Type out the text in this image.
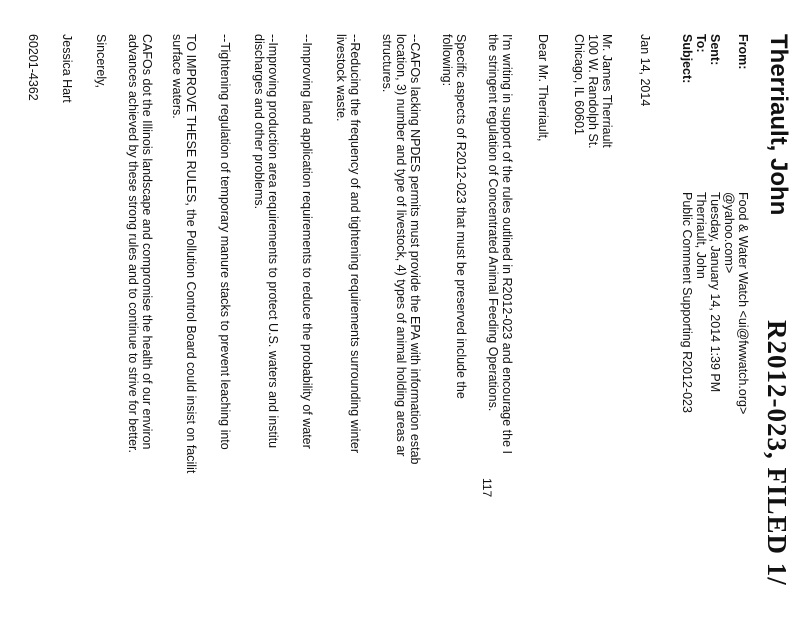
R2012-023, FILED 1/
Therriault, John
From:
Food & Water Watch <ui@fwwatch.org>
@yahoo.com>
Sent:
Tuesday, January 14, 2014 1:39 PM
To:
Therriault, John
Subject:
Public Comment Supporting R2012-023
Jan 14, 2014
Mr. James Therriault
100 W. Randolph St.
Chicago, IL 60601
Dear Mr. Therriault,
I'm writing in support of the rules outlined in R2012-023 and encourage the I
the stringent regulation of Concentrated Animal Feeding Operations.
Specific aspects of R2012-023 that must be preserved include the
following:
--CAFOs lacking NPDES permits must provide the EPA with information estab
location, 3) number and type of livestock, 4) types of animal holding areas ar
structures.
--Reducing the frequency of and tightening requirements surrounding winter
livestock waste.
--Improving land application requirements to reduce the probability of water
--Improving production area requirements to protect U.S. waters and institu
discharges and other problems.
--Tightening regulation of temporary manure stacks to prevent leaching into
TO IMPROVE THESE RULES, the Pollution Control Board could insist on facilit
surface waters.
CAFOs dot the Illinois landscape and compromise the health of our environ
advances achieved by these strong rules and to continue to strive for better.
Sincerely,
Jessica Hart
60201-4362
117
